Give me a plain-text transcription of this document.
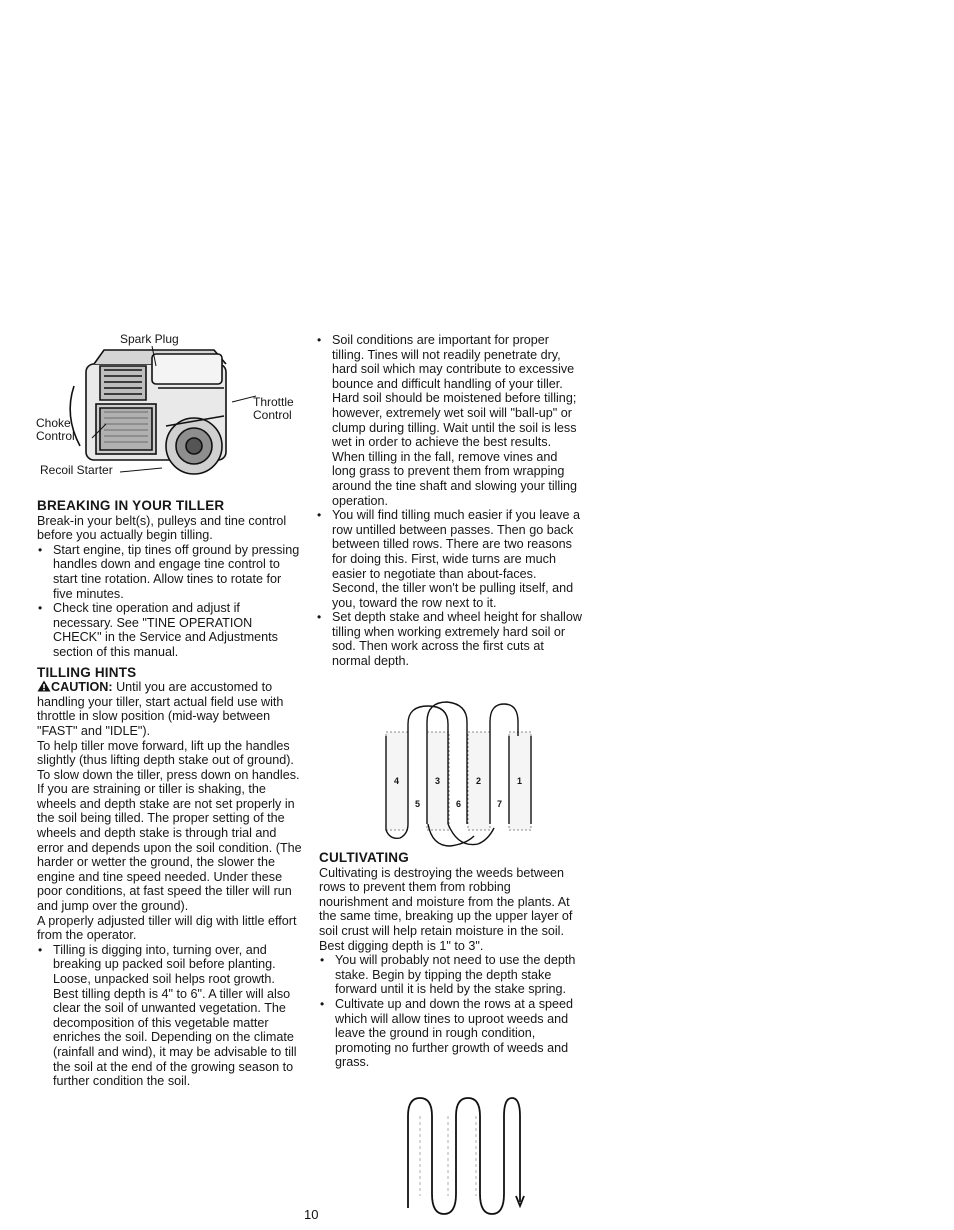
Spark Plug
Throttle
Control
Choke
Control
Recoil Starter
BREAKING IN YOUR TILLER

Break-in your belt(s), pulleys and tine control before you actually begin tilling.

• Start engine, tip tines off ground by pressing handles down and engage tine control to start tine rotation. Allow tines to rotate for five minutes.
• Check tine operation and adjust if necessary. See "TINE OPERATION CHECK" in the Service and Adjustments section of this manual.
TILLING HINTS

CAUTION: Until you are accustomed to handling your tiller, start actual field use with throttle in slow position (mid-way between "FAST" and "IDLE").

To help tiller move forward, lift up the handles slightly (thus lifting depth stake out of ground). To slow down the tiller, press down on handles.

If you are straining or tiller is shaking, the wheels and depth stake are not set properly in the soil being tilled. The proper setting of the wheels and depth stake is through trial and error and depends upon the soil condition. (The harder or wetter the ground, the slower the engine and tine speed needed. Under these poor conditions, at fast speed the tiller will run and jump over the ground).

A properly adjusted tiller will dig with little effort from the operator.

• Tilling is digging into, turning over, and breaking up packed soil before planting. Loose, unpacked soil helps root growth. Best tilling depth is 4" to 6". A tiller will also clear the soil of unwanted vegetation. The decomposition of this vegetable matter enriches the soil. Depending on the climate (rainfall and wind), it may be advisable to till the soil at the end of the growing season to further condition the soil.
• Soil conditions are important for proper tilling. Tines will not readily penetrate dry, hard soil which may contribute to excessive bounce and difficult handling of your tiller. Hard soil should be moistened before tilling; however, extremely wet soil will "ball-up" or clump during tilling. Wait until the soil is less wet in order to achieve the best results. When tilling in the fall, remove vines and long grass to prevent them from wrapping around the tine shaft and slowing your tilling operation.
• You will find tilling much easier if you leave a row untilled between passes. Then go back between tilled rows. There are two reasons for doing this. First, wide turns are much easier to negotiate than about-faces. Second, the tiller won't be pulling itself, and you, toward the row next to it.
• Set depth stake and wheel height for shallow tilling when working extremely hard soil or sod. Then work across the first cuts at normal depth.
4	3	2	1
5	6	7
CULTIVATING

Cultivating is destroying the weeds between rows to prevent them from robbing nourishment and moisture from the plants. At the same time, breaking up the upper layer of soil crust will help retain moisture in the soil. Best digging depth is 1" to 3".

• You will probably not need to use the depth stake. Begin by tipping the depth stake forward until it is held by the stake spring.
• Cultivate up and down the rows at a speed which will allow tines to uproot weeds and leave the ground in rough condition, promoting no further growth of weeds and grass.
10
